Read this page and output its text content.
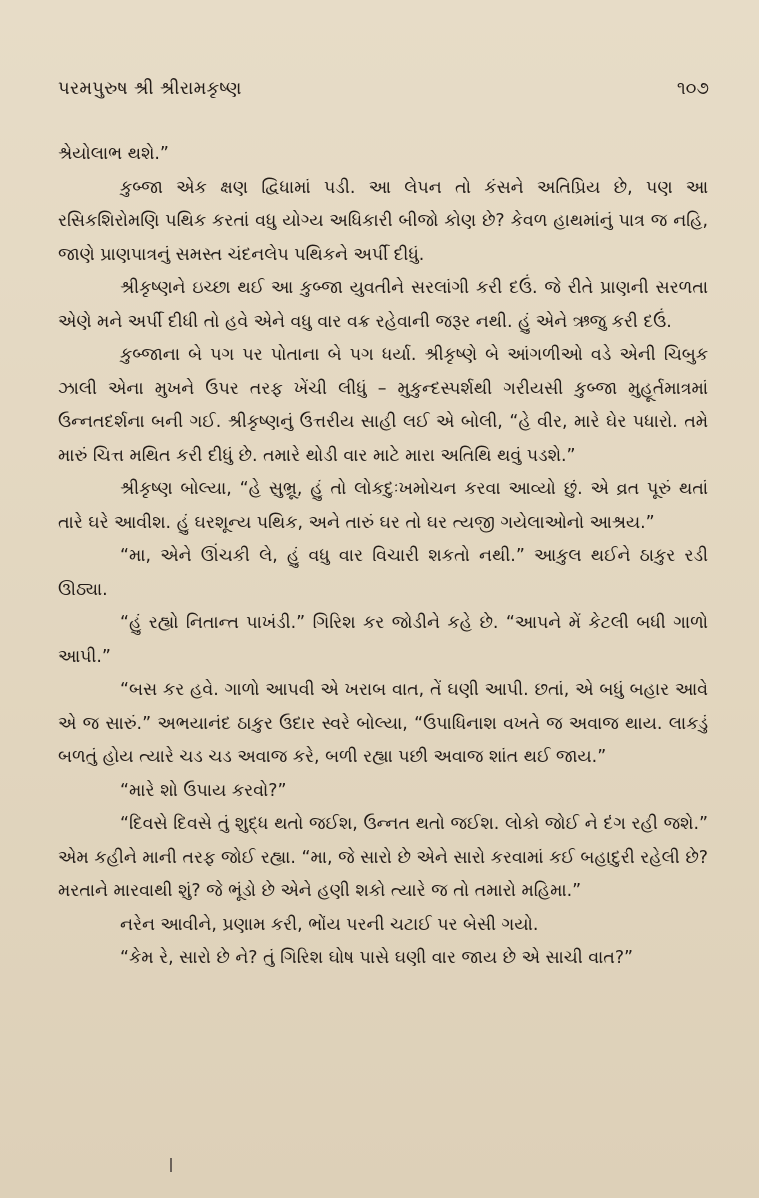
પરમપુરુષ શ્રી શ્રીરામકૃષ્ણ	૧૦૭

શ્રેયોલાભ થશે.”

કુબ્જા એક ક્ષણ દ્વિધામાં પડી. આ લેપન તો કંસને અતિપ્રિય છે, પણ આ રસિકશિરોમણિ પથિક કરતાં વધુ યોગ્ય અધિકારી બીજો કોણ છે? કેવળ હાથમાંનું પાત્ર જ નહિ, જાણે પ્રાણપાત્રનું સમસ્ત ચંદનલેપ પથિકને અર્પી દીધું.

શ્રીકૃષ્ણને ઇચ્છા થઈ આ કુબ્જા યુવતીને સરલાંગી કરી દઉં. જે રીતે પ્રાણની સરળતા એણે મને અર્પી દીધી તો હવે એને વધુ વાર વક્ર રહેવાની જરૂર નથી. હું એને ઋજુ કરી દઉં.

કુબ્જાના બે પગ પર પોતાના બે પગ ધર્યા. શ્રીકૃષ્ણે બે આંગળીઓ વડે એની ચિબુક ઝાલી એના મુખને ઉપર તરફ ખેંચી લીધું – મુકુન્દસ્પર્શથી ગરીયસી કુબ્જા મુહૂર્તમાત્રમાં ઉન્નતદર્શના બની ગઈ. શ્રીકૃષ્ણનું ઉત્તરીય સાહી લઈ એ બોલી, “હે વીર, મારે ઘેર પધારો. તમે મારું ચિત્ત મથિત કરી દીધું છે. તમારે થોડી વાર માટે મારા અતિથિ થવું પડશે.”

શ્રીકૃષ્ણ બોલ્યા, “હે સુભ્રૂ, હું તો લોકદુઃખમોચન કરવા આવ્યો છું. એ વ્રત પૂરું થતાં તારે ઘરે આવીશ. હું ઘરશૂન્ય પથિક, અને તારું ઘર તો ઘર ત્યજી ગયેલાઓનો આશ્રય.”

“મા, એને ઊંચકી લે, હું વધુ વાર વિચારી શકતો નથી.” આકુલ થઈને ઠાકુર રડી ઊઠ્યા.

“હું રહ્યો નિતાન્ત પાખંડી.” ગિરિશ કર જોડીને કહે છે. “આપને મેં કેટલી બધી ગાળો આપી.”

“બસ કર હવે. ગાળો આપવી એ ખરાબ વાત, તેં ઘણી આપી. છતાં, એ બધું બહાર આવે એ જ સારું.” અભયાનંદ ઠાકુર ઉદાર સ્વરે બોલ્યા, “ઉપાધિનાશ વખતે જ અવાજ થાય. લાકડું બળતું હોય ત્યારે ચડ ચડ અવાજ કરે, બળી રહ્યા પછી અવાજ શાંત થઈ જાય.”

“મારે શો ઉપાય કરવો?”

“દિવસે દિવસે તું શુદ્ધ થતો જઈશ, ઉન્નત થતો જઈશ. લોકો જોઈ ને દંગ રહી જશે.” એમ કહીને માની તરફ જોઈ રહ્યા. “મા, જે સારો છે એને સારો કરવામાં કઈ બહાદુરી રહેલી છે? મરતાને મારવાથી શું? જે ભૂંડો છે એને હણી શકો ત્યારે જ તો તમારો મહિમા.”

નરેન આવીને, પ્રણામ કરી, ભોંય પરની ચટાઈ પર બેસી ગયો.

“કેમ રે, સારો છે ને? તું ગિરિશ ઘોષ પાસે ઘણી વાર જાય છે એ સાચી વાત?”
